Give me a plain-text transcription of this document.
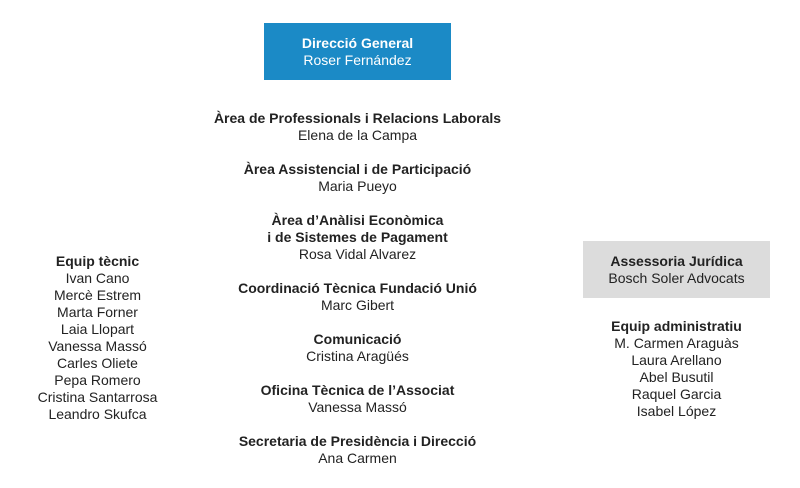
Direcció General
Roser Fernández
Àrea de Professionals i Relacions Laborals
Elena de la Campa
Àrea Assistencial i de Participació
Maria Pueyo
Àrea d’Anàlisi Econòmica
i de Sistemes de Pagament
Rosa Vidal Alvarez
Coordinació Tècnica Fundació Unió
Marc Gibert
Comunicació
Cristina Aragüés
Oficina Tècnica de l’Associat
Vanessa Massó
Secretaria de Presidència i Direcció
Ana Carmen
Equip tècnic
Ivan Cano
Mercè Estrem
Marta Forner
Laia Llopart
Vanessa Massó
Carles Oliete
Pepa Romero
Cristina Santarrosa
Leandro Skufca
Assessoria Jurídica
Bosch Soler Advocats
Equip administratiu
M. Carmen Araguàs
Laura Arellano
Abel Busutil
Raquel Garcia
Isabel López
